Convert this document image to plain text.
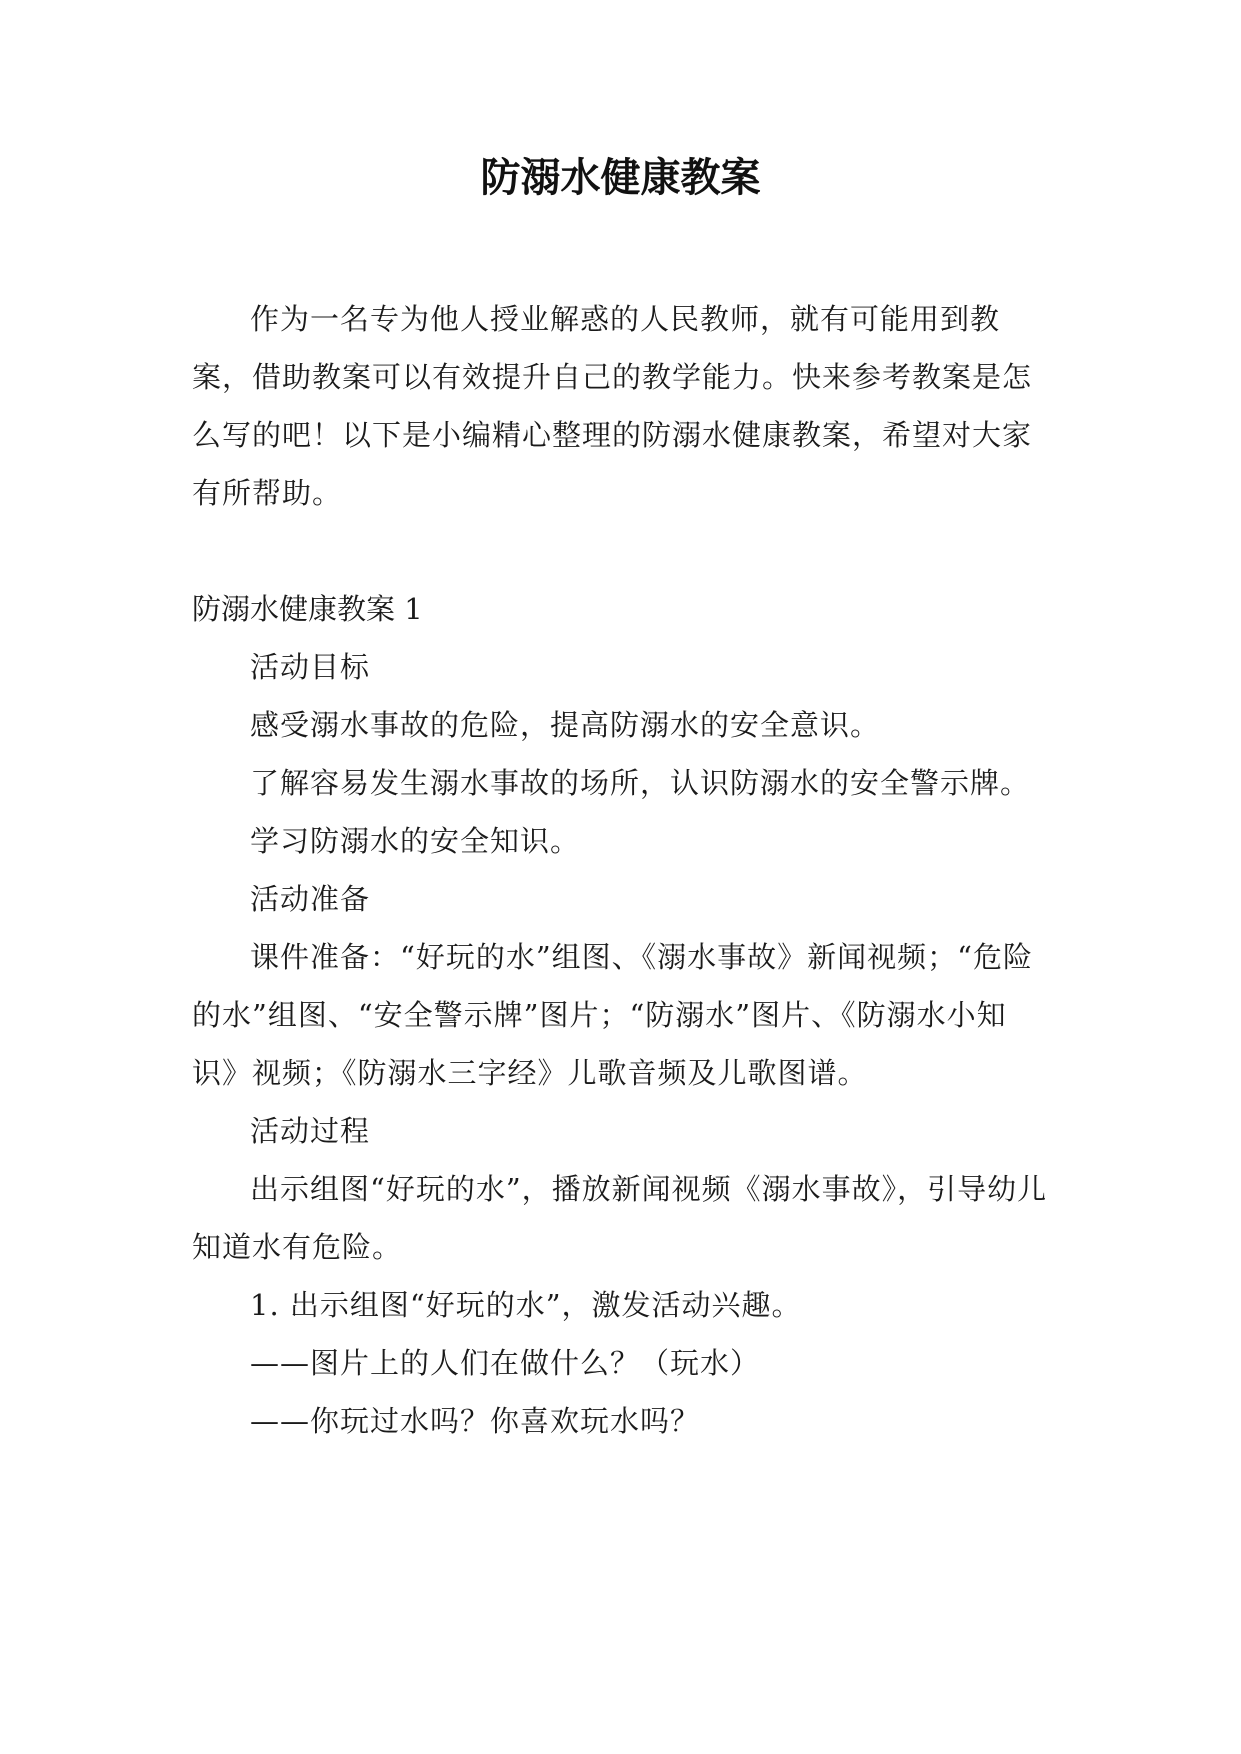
防溺水健康教案

作为一名专为他人授业解惑的人民教师，就有可能用到教案，借助教案可以有效提升自己的教学能力。快来参考教案是怎么写的吧！以下是小编精心整理的防溺水健康教案，希望对大家有所帮助。

防溺水健康教案 1

活动目标

感受溺水事故的危险，提高防溺水的安全意识。

了解容易发生溺水事故的场所，认识防溺水的安全警示牌。

学习防溺水的安全知识。

活动准备

课件准备：“好玩的水”组图、《溺水事故》新闻视频；“危险的水”组图、“安全警示牌”图片；“防溺水”图片、《防溺水小知识》视频；《防溺水三字经》儿歌音频及儿歌图谱。

活动过程

出示组图“好玩的水”，播放新闻视频《溺水事故》，引导幼儿知道水有危险。

1. 出示组图“好玩的水”，激发活动兴趣。

——图片上的人们在做什么？（玩水）

——你玩过水吗？你喜欢玩水吗？
